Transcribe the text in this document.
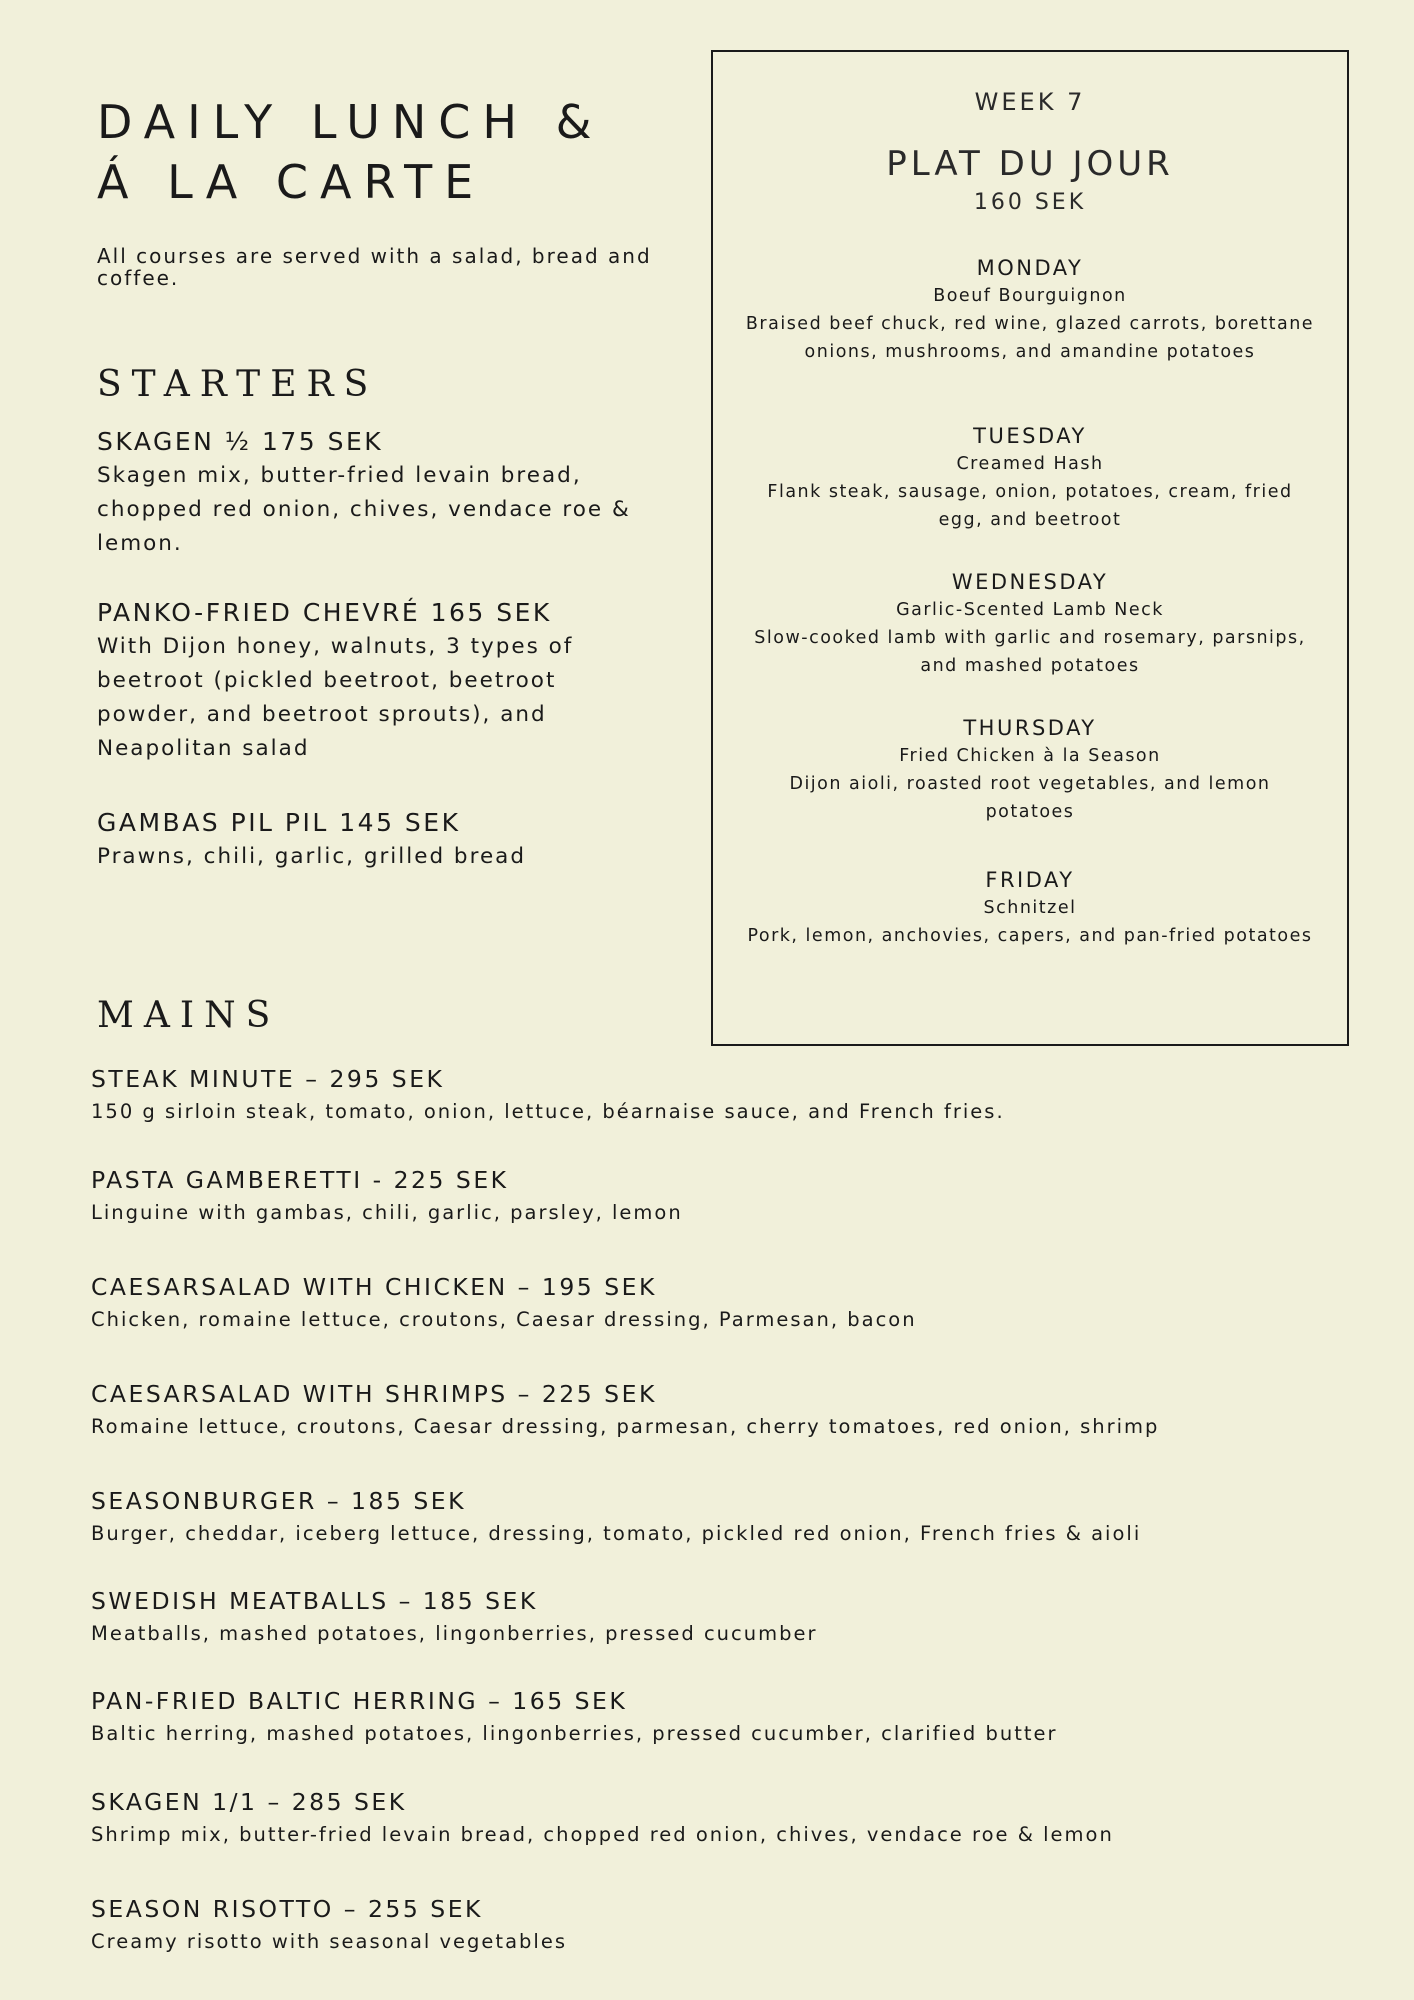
DAILY LUNCH &
Á LA CARTE

All courses are served with a salad, bread and coffee.

STARTERS
SKAGEN ½ 175 SEK
Skagen mix, butter-fried levain bread, chopped red onion, chives, vendace roe & lemon.
PANKO-FRIED CHEVRÉ 165 SEK
With Dijon honey, walnuts, 3 types of beetroot (pickled beetroot, beetroot powder, and beetroot sprouts), and Neapolitan salad
GAMBAS PIL PIL 145 SEK
Prawns, chili, garlic, grilled bread
MAINS
STEAK MINUTE – 295 SEK
150 g sirloin steak, tomato, onion, lettuce, béarnaise sauce, and French fries.
PASTA GAMBERETTI - 225 SEK
Linguine with gambas, chili, garlic, parsley, lemon
CAESARSALAD WITH CHICKEN – 195 SEK
Chicken, romaine lettuce, croutons, Caesar dressing, Parmesan, bacon
CAESARSALAD WITH SHRIMPS – 225 SEK
Romaine lettuce, croutons, Caesar dressing, parmesan, cherry tomatoes, red onion, shrimp
SEASONBURGER – 185 SEK
Burger, cheddar, iceberg lettuce, dressing, tomato, pickled red onion, French fries & aioli
SWEDISH MEATBALLS – 185 SEK
Meatballs, mashed potatoes, lingonberries, pressed cucumber
PAN-FRIED BALTIC HERRING – 165 SEK
Baltic herring, mashed potatoes, lingonberries, pressed cucumber, clarified butter
SKAGEN 1/1 – 285 SEK
Shrimp mix, butter-fried levain bread, chopped red onion, chives, vendace roe & lemon
SEASON RISOTTO – 255 SEK
Creamy risotto with seasonal vegetables
WEEK 7
PLAT DU JOUR
160 SEK
MONDAY
Boeuf Bourguignon
Braised beef chuck, red wine, glazed carrots, borettane onions, mushrooms, and amandine potatoes
TUESDAY
Creamed Hash
Flank steak, sausage, onion, potatoes, cream, fried egg, and beetroot
WEDNESDAY
Garlic-Scented Lamb Neck
Slow-cooked lamb with garlic and rosemary, parsnips, and mashed potatoes
THURSDAY
Fried Chicken à la Season
Dijon aioli, roasted root vegetables, and lemon potatoes
FRIDAY
Schnitzel
Pork, lemon, anchovies, capers, and pan-fried potatoes
